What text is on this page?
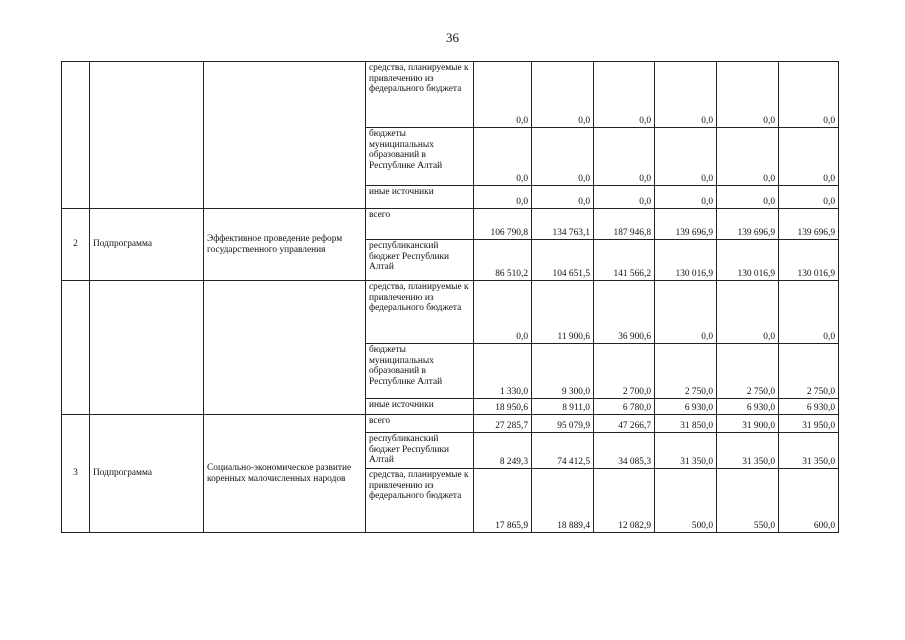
36
			средства, планируемые к привлечению из федерального бюджета	0,0	0,0	0,0	0,0	0,0	0,0
			бюджеты муниципальных образований в Республике Алтай	0,0	0,0	0,0	0,0	0,0	0,0
			иные источники	0,0	0,0	0,0	0,0	0,0	0,0
2	Подпрограмма	Эффективное проведение реформ государственного управления	всего	106 790,8	134 763,1	187 946,8	139 696,9	139 696,9	139 696,9
			республиканский бюджет Республики Алтай	86 510,2	104 651,5	141 566,2	130 016,9	130 016,9	130 016,9
			средства, планируемые к привлечению из федерального бюджета	0,0	11 900,6	36 900,6	0,0	0,0	0,0
			бюджеты муниципальных образований в Республике Алтай	1 330,0	9 300,0	2 700,0	2 750,0	2 750,0	2 750,0
			иные источники	18 950,6	8 911,0	6 780,0	6 930,0	6 930,0	6 930,0
3	Подпрограмма	Социально-экономическое развитие коренных малочисленных народов	всего	27 285,7	95 079,9	47 266,7	31 850,0	31 900,0	31 950,0
			республиканский бюджет Республики Алтай	8 249,3	74 412,5	34 085,3	31 350,0	31 350,0	31 350,0
			средства, планируемые к привлечению из федерального бюджета	17 865,9	18 889,4	12 082,9	500,0	550,0	600,0
